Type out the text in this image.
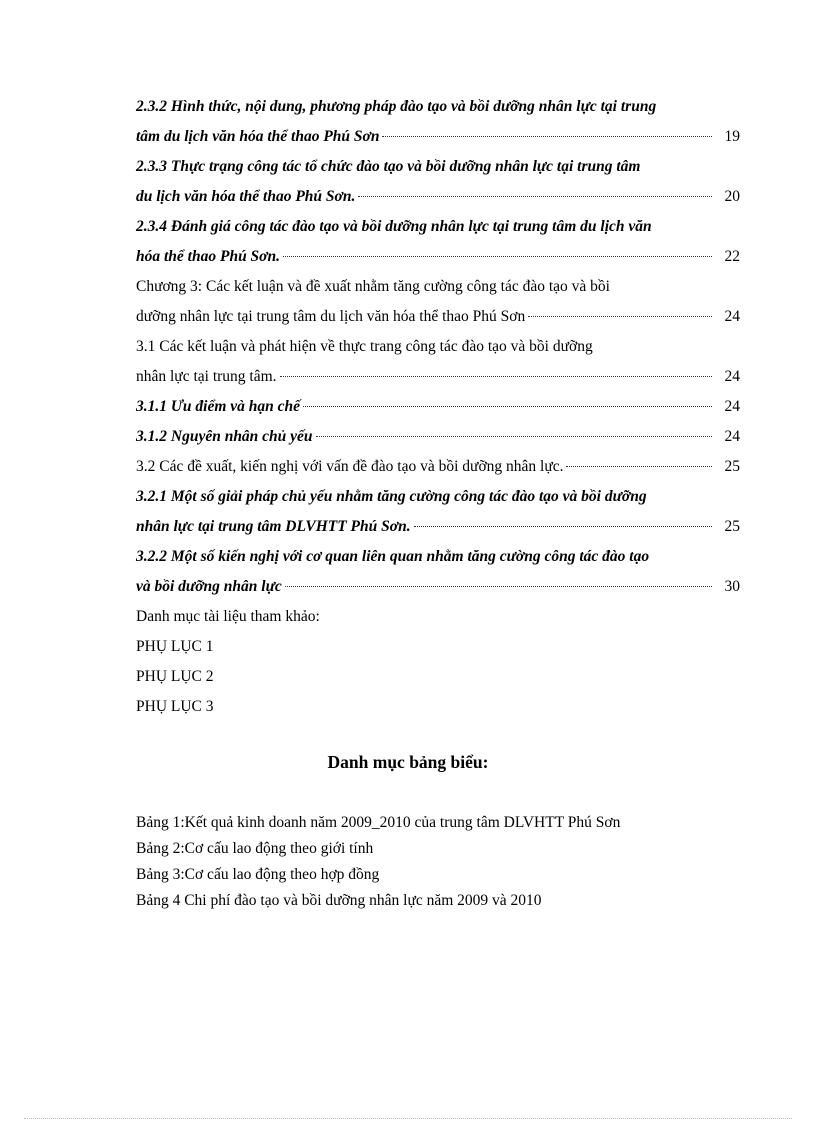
2.3.2 Hình thức, nội dung, phương pháp đào tạo và bồi dưỡng nhân lực tại trung
tâm du lịch văn hóa thể thao Phú Sơn	19
2.3.3 Thực trạng công tác tổ chức đào tạo và bồi dưỡng nhân lực tại trung tâm
du lịch văn hóa thể thao Phú Sơn.	20
2.3.4 Đánh giá công tác đào tạo và bồi dưỡng nhân lực tại trung tâm du lịch văn
hóa thể thao Phú Sơn.	22
Chương 3: Các kết luận và đề xuất nhằm tăng cường công tác đào tạo và bồi
dưỡng nhân lực tại trung tâm du lịch văn hóa thể thao Phú Sơn	24
3.1 Các kết luận và phát hiện về thực trang công tác đào tạo và bồi dưỡng
nhân lực tại trung tâm.	24
3.1.1 Ưu điểm và hạn chế	24
3.1.2 Nguyên nhân chủ yếu	24
3.2 Các đề xuất, kiến nghị với vấn đề đào tạo và bồi dưỡng nhân lực.	25
3.2.1 Một số giải pháp chủ yếu nhằm tăng cường công tác đào tạo và bồi dưỡng
nhân lực tại trung tâm DLVHTT Phú Sơn.	25
3.2.2 Một số kiến nghị với cơ quan liên quan nhằm tăng cường công tác đào tạo
và bồi dưỡng nhân lực	30
Danh mục tài liệu tham khảo:
PHỤ LỤC 1
PHỤ LỤC 2
PHỤ LỤC 3
Danh mục bảng biểu:
Bảng 1:Kết quả kinh doanh năm 2009_2010 của trung tâm DLVHTT Phú Sơn
Bảng 2:Cơ cấu lao động theo giới tính
Bảng 3:Cơ cấu lao động theo hợp đồng
Bảng 4 Chi phí đào tạo và bồi dưỡng nhân lực năm 2009 và 2010
